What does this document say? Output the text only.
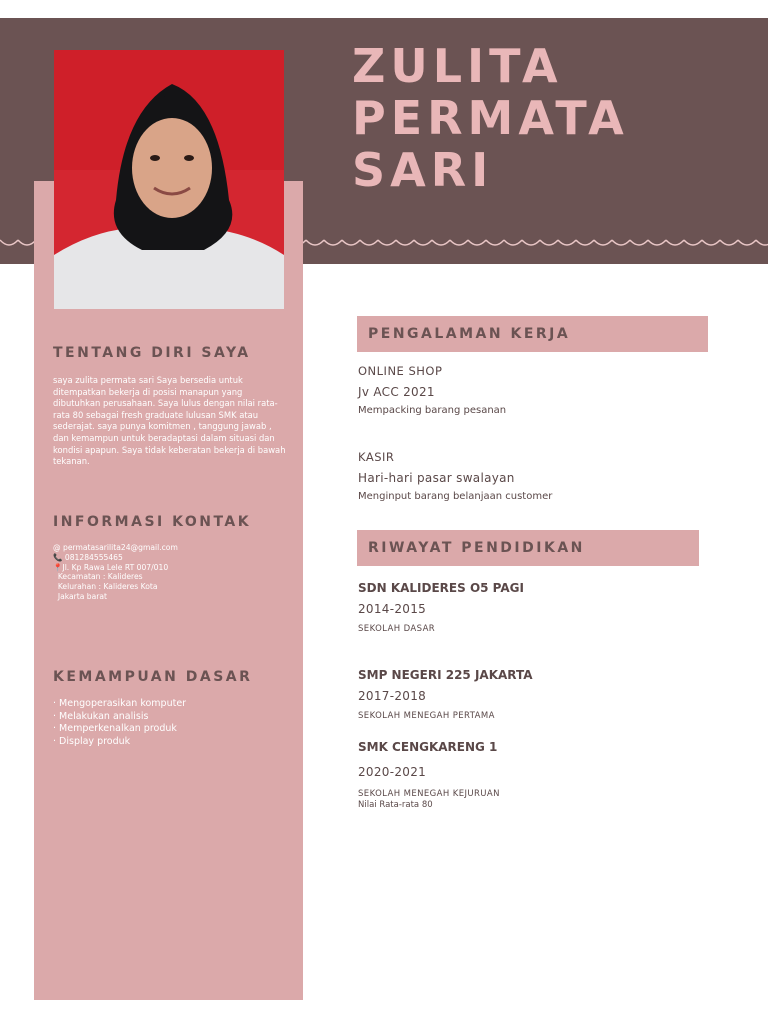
ZULITA
PERMATA
SARI
TENTANG DIRI SAYA

saya zulita permata sari Saya bersedia untuk ditempatkan bekerja di posisi manapun yang dibutuhkan perusahaan. Saya lulus dengan nilai rata-rata 80 sebagai fresh graduate lulusan SMK atau sederajat. saya punya komitmen , tanggung jawab , dan kemampun untuk beradaptasi dalam situasi dan kondisi apapun. Saya tidak keberatan bekerja di bawah tekanan.

INFORMASI KONTAK
@ permatasarilita24@gmail.com
📞 081284555465
📍Jl. Kp Rawa Lele RT 007/010
Kecamatan : Kalideres
Kelurahan : Kalideres Kota
Jakarta barat
KEMAMPUAN DASAR
· Mengoperasikan komputer
· Melakukan analisis
· Memperkenalkan produk
· Display produk
PENGALAMAN KERJA
ONLINE SHOP
Jv ACC 2021
Mempacking barang pesanan
KASIR
Hari-hari pasar swalayan
Menginput barang belanjaan customer
RIWAYAT PENDIDIKAN
SDN KALIDERES O5 PAGI
2014-2015
SEKOLAH DASAR
SMP NEGERI 225 JAKARTA
2017-2018
SEKOLAH MENEGAH PERTAMA
SMK CENGKARENG 1
2020-2021
SEKOLAH MENEGAH KEJURUAN
Nilai Rata-rata 80
